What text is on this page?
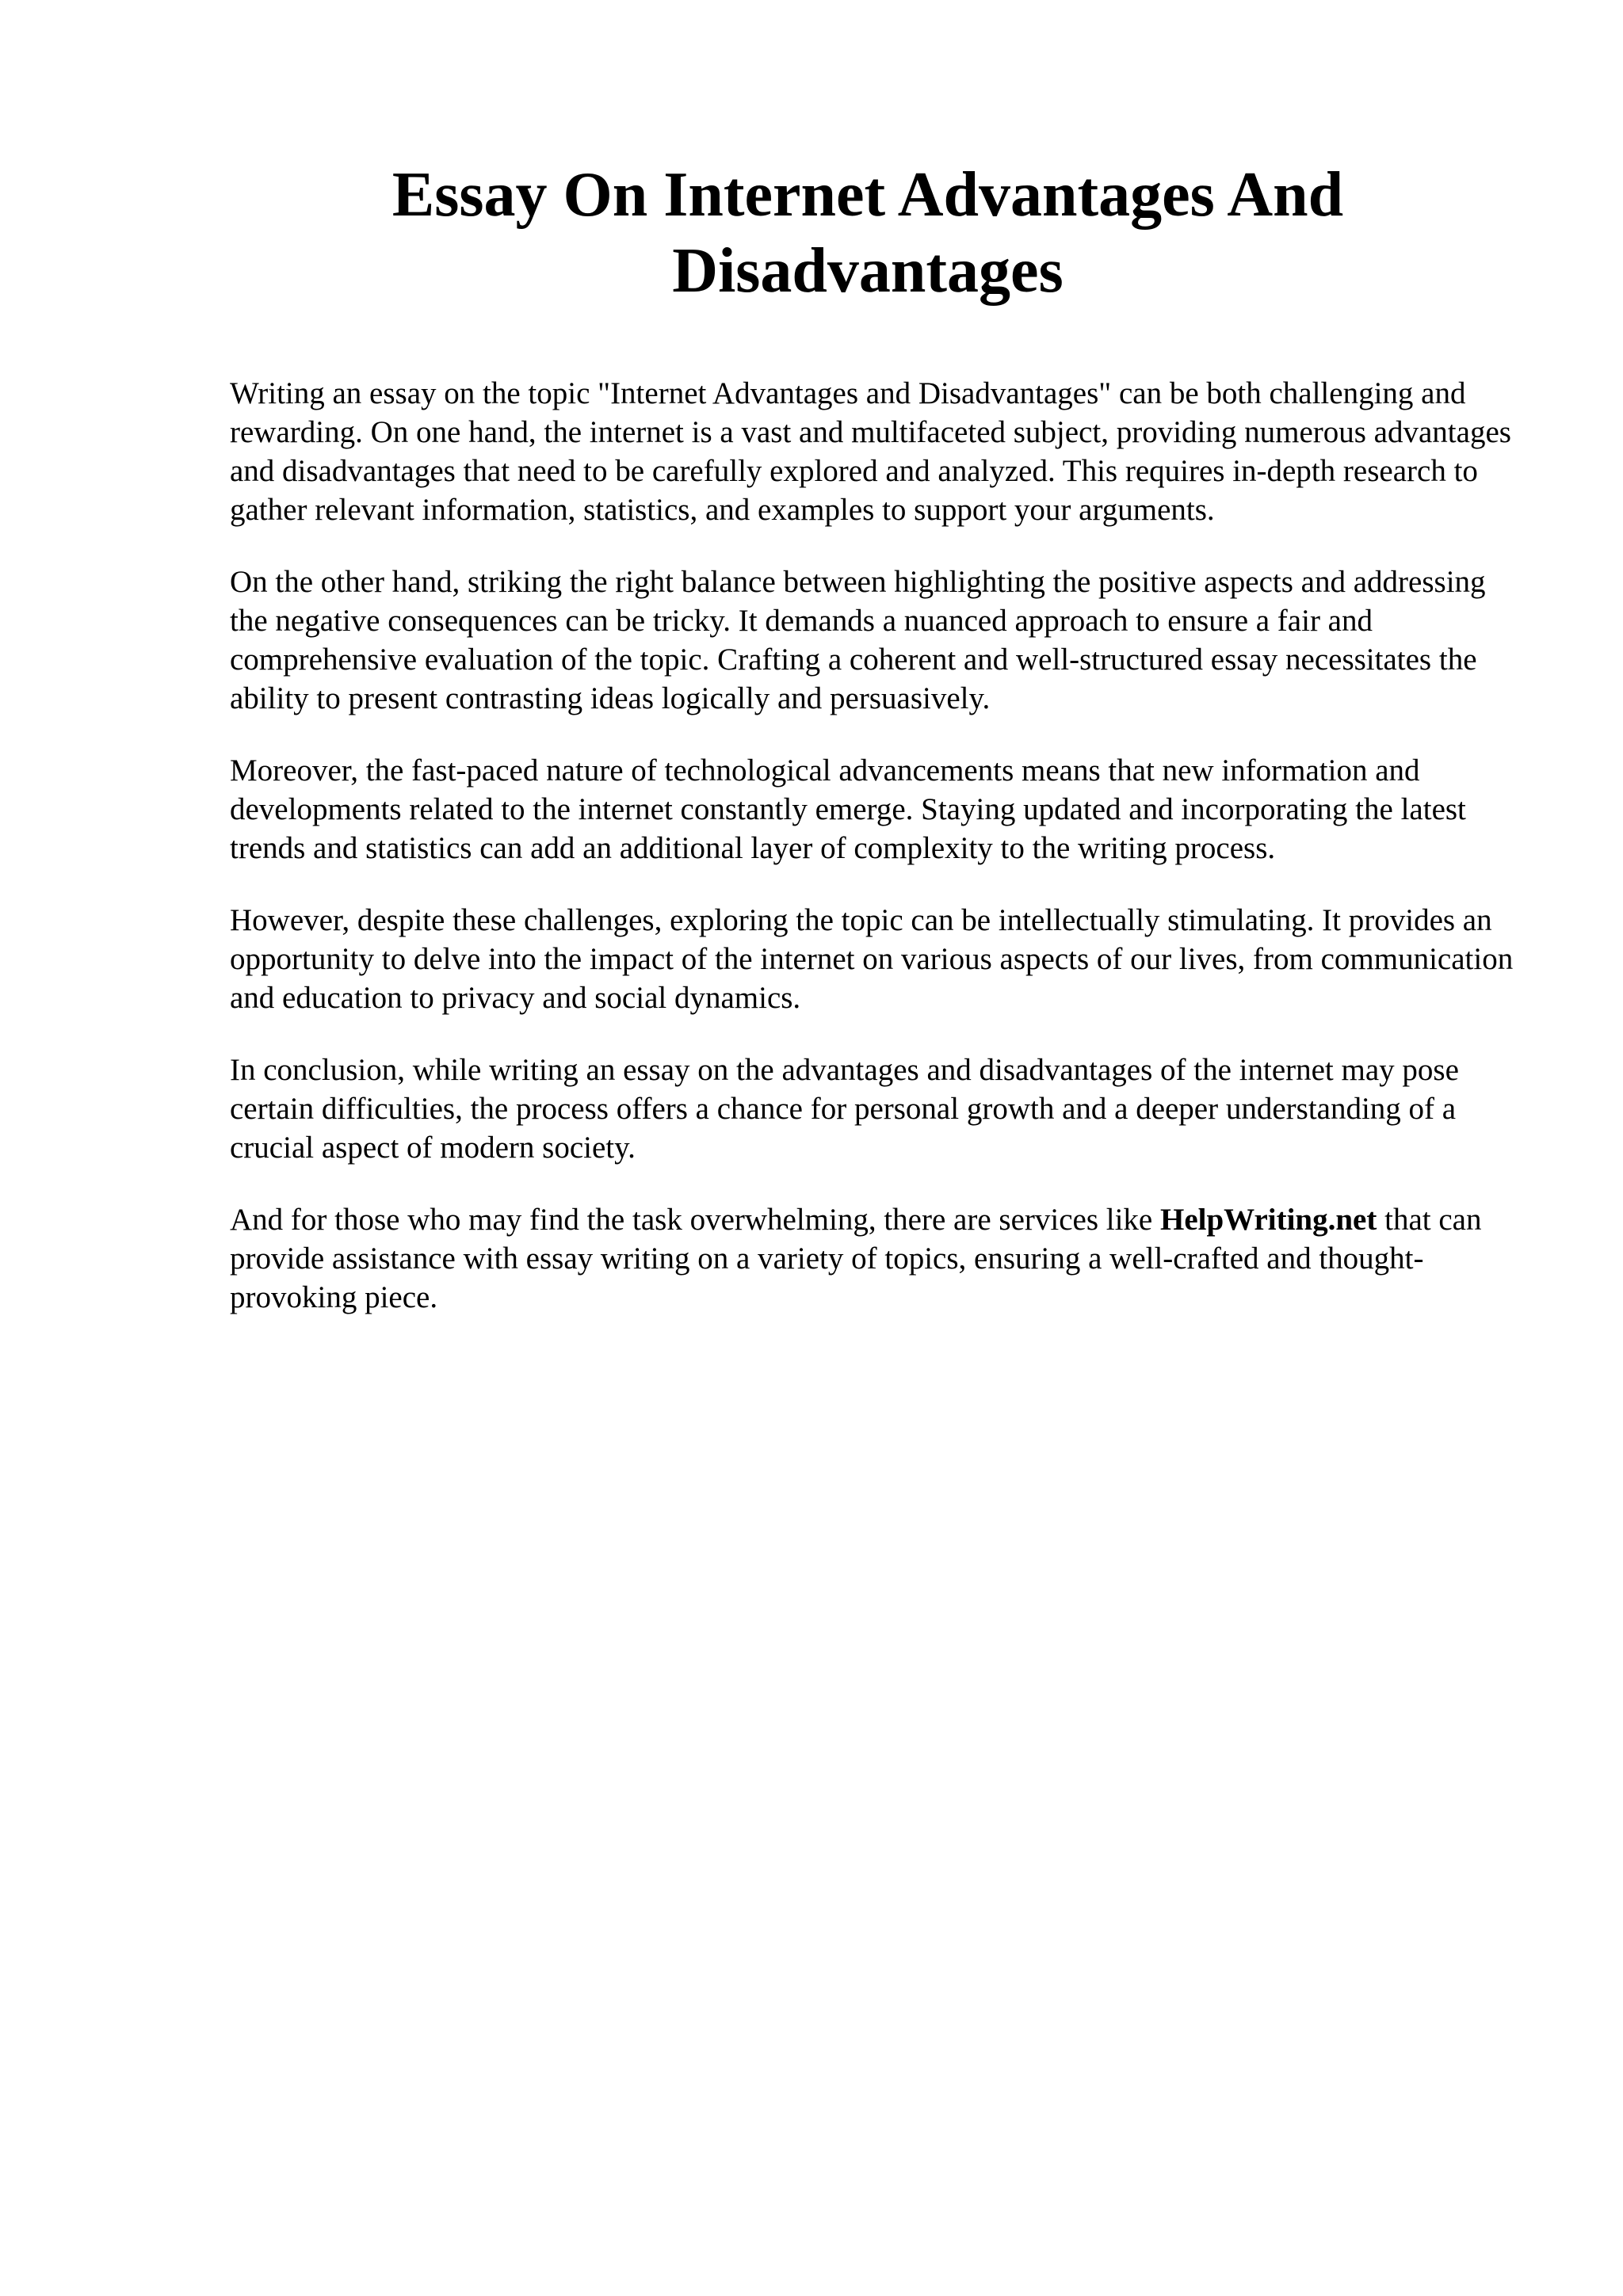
Essay On Internet Advantages And Disadvantages

Writing an essay on the topic "Internet Advantages and Disadvantages" can be both challenging and rewarding. On one hand, the internet is a vast and multifaceted subject, providing numerous advantages and disadvantages that need to be carefully explored and analyzed. This requires in-depth research to gather relevant information, statistics, and examples to support your arguments.

On the other hand, striking the right balance between highlighting the positive aspects and addressing the negative consequences can be tricky. It demands a nuanced approach to ensure a fair and comprehensive evaluation of the topic. Crafting a coherent and well-structured essay necessitates the ability to present contrasting ideas logically and persuasively.

Moreover, the fast-paced nature of technological advancements means that new information and developments related to the internet constantly emerge. Staying updated and incorporating the latest trends and statistics can add an additional layer of complexity to the writing process.

However, despite these challenges, exploring the topic can be intellectually stimulating. It provides an opportunity to delve into the impact of the internet on various aspects of our lives, from communication and education to privacy and social dynamics.

In conclusion, while writing an essay on the advantages and disadvantages of the internet may pose certain difficulties, the process offers a chance for personal growth and a deeper understanding of a crucial aspect of modern society.

And for those who may find the task overwhelming, there are services like HelpWriting.net that can provide assistance with essay writing on a variety of topics, ensuring a well-crafted and thought-provoking piece.
